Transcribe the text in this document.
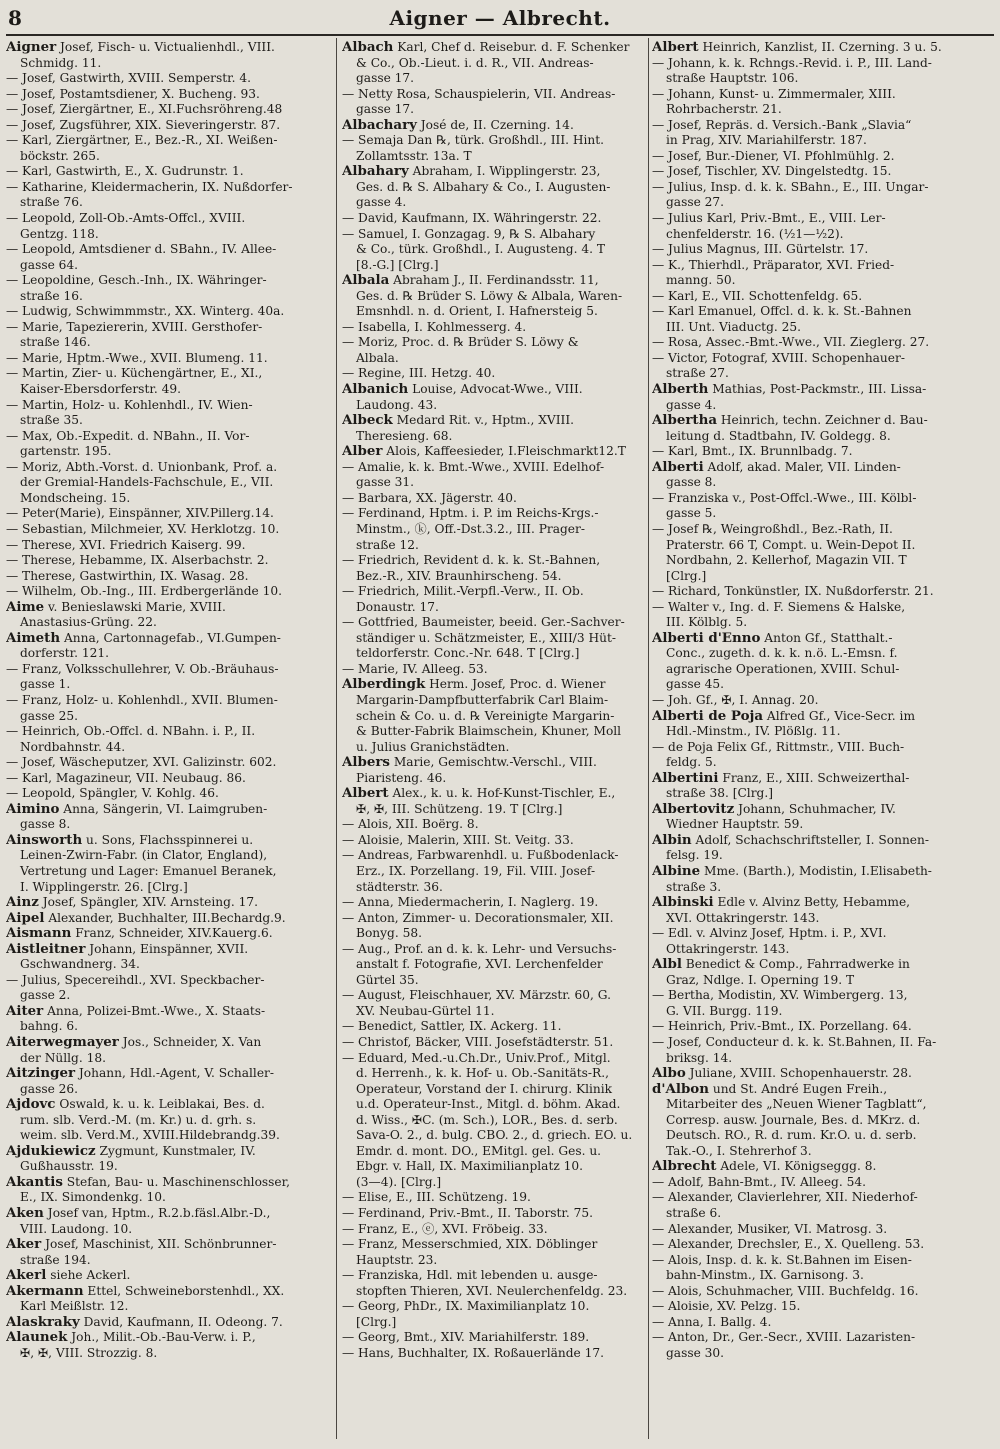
8	Aigner — Albrecht.
Aigner Josef, Fisch- u. Victualienhdl., VIII.
Schmidg. 11.
— Josef, Gastwirth, XVIII. Semperstr. 4.
— Josef, Postamtsdiener, X. Bucheng. 93.
— Josef, Ziergärtner, E., XI.Fuchsröhreng.48
— Josef, Zugsführer, XIX. Sieveringerstr. 87.
— Karl, Ziergärtner, E., Bez.-R., XI. Weißen-
böckstr. 265.
— Karl, Gastwirth, E., X. Gudrunstr. 1.
— Katharine, Kleidermacherin, IX. Nußdorfer-
straße 76.
— Leopold, Zoll-Ob.-Amts-Offcl., XVIII.
Gentzg. 118.
— Leopold, Amtsdiener d. SBahn., IV. Allee-
gasse 64.
— Leopoldine, Gesch.-Inh., IX. Währinger-
straße 16.
— Ludwig, Schwimmmstr., XX. Winterg. 40a.
— Marie, Tapeziererin, XVIII. Gersthofer-
straße 146.
— Marie, Hptm.-Wwe., XVII. Blumeng. 11.
— Martin, Zier- u. Küchengärtner, E., XI.,
Kaiser-Ebersdorferstr. 49.
— Martin, Holz- u. Kohlenhdl., IV. Wien-
straße 35.
— Max, Ob.-Expedit. d. NBahn., II. Vor-
gartenstr. 195.
— Moriz, Abth.-Vorst. d. Unionbank, Prof. a.
der Gremial-Handels-Fachschule, E., VII.
Mondscheing. 15.
— Peter(Marie), Einspänner, XIV.Pillerg.14.
— Sebastian, Milchmeier, XV. Herklotzg. 10.
— Therese, XVI. Friedrich Kaiserg. 99.
— Therese, Hebamme, IX. Alserbachstr. 2.
— Therese, Gastwirthin, IX. Wasag. 28.
— Wilhelm, Ob.-Ing., III. Erdbergerlände 10.
Aime v. Benieslawski Marie, XVIII.
Anastasius-Grüng. 22.
Aimeth Anna, Cartonnagefab., VI.Gumpen-
dorferstr. 121.
— Franz, Volksschullehrer, V. Ob.-Bräuhaus-
gasse 1.
— Franz, Holz- u. Kohlenhdl., XVII. Blumen-
gasse 25.
— Heinrich, Ob.-Offcl. d. NBahn. i. P., II.
Nordbahnstr. 44.
— Josef, Wäscheputzer, XVI. Galizinstr. 602.
— Karl, Magazineur, VII. Neubaug. 86.
— Leopold, Spängler, V. Kohlg. 46.
Aimino Anna, Sängerin, VI. Laimgruben-
gasse 8.
Ainsworth u. Sons, Flachsspinnerei u.
Leinen-Zwirn-Fabr. (in Clator, England),
Vertretung und Lager: Emanuel Beranek,
I. Wipplingerstr. 26. [Clrg.]
Ainz Josef, Spängler, XIV. Arnsteing. 17.
Aipel Alexander, Buchhalter, III.Bechardg.9.
Aismann Franz, Schneider, XIV.Kauerg.6.
Aistleitner Johann, Einspänner, XVII.
Gschwandnerg. 34.
— Julius, Specereihdl., XVI. Speckbacher-
gasse 2.
Aiter Anna, Polizei-Bmt.-Wwe., X. Staats-
bahng. 6.
Aiterwegmayer Jos., Schneider, X. Van
der Nüllg. 18.
Aitzinger Johann, Hdl.-Agent, V. Schaller-
gasse 26.
Ajdovc Oswald, k. u. k. Leiblakai, Bes. d.
rum. slb. Verd.-M. (m. Kr.) u. d. grh. s.
weim. slb. Verd.M., XVIII.Hildebrandg.39.
Ajdukiewicz Zygmunt, Kunstmaler, IV.
Gußhausstr. 19.
Akantis Stefan, Bau- u. Maschinenschlosser,
E., IX. Simondenkg. 10.
Aken Josef van, Hptm., R.2.b.fäsl.Albr.-D.,
VIII. Laudong. 10.
Aker Josef, Maschinist, XII. Schönbrunner-
straße 194.
Akerl siehe Ackerl.
Akermann Ettel, Schweineborstenhdl., XX.
Karl Meißlstr. 12.
Alaskraky David, Kaufmann, II. Odeong. 7.
Alaunek Joh., Milit.-Ob.-Bau-Verw. i. P.,
✠, ✠, VIII. Strozzig. 8.
Albach Karl, Chef d. Reisebur. d. F. Schenker
& Co., Ob.-Lieut. i. d. R., VII. Andreas-
gasse 17.
— Netty Rosa, Schauspielerin, VII. Andreas-
gasse 17.
Albachary José de, II. Czerning. 14.
— Semaja Dan ℞, türk. Großhdl., III. Hint.
Zollamtsstr. 13a. T
Albahary Abraham, I. Wipplingerstr. 23,
Ges. d. ℞ S. Albahary & Co., I. Augusten-
gasse 4.
— David, Kaufmann, IX. Währingerstr. 22.
— Samuel, I. Gonzagag. 9, ℞ S. Albahary
& Co., türk. Großhdl., I. Augusteng. 4. T
[8.-G.] [Clrg.]
Albala Abraham J., II. Ferdinandsstr. 11,
Ges. d. ℞ Brüder S. Löwy & Albala, Waren-
Emsnhdl. n. d. Orient, I. Hafnersteig 5.
— Isabella, I. Kohlmesserg. 4.
— Moriz, Proc. d. ℞ Brüder S. Löwy &
Albala.
— Regine, III. Hetzg. 40.
Albanich Louise, Advocat-Wwe., VIII.
Laudong. 43.
Albeck Medard Rit. v., Hptm., XVIII.
Theresieng. 68.
Alber Alois, Kaffeesieder, I.Fleischmarkt12.T
— Amalie, k. k. Bmt.-Wwe., XVIII. Edelhof-
gasse 31.
— Barbara, XX. Jägerstr. 40.
— Ferdinand, Hptm. i. P. im Reichs-Krgs.-
Minstm., ⓚ, Off.-Dst.3.2., III. Prager-
straße 12.
— Friedrich, Revident d. k. k. St.-Bahnen,
Bez.-R., XIV. Braunhirscheng. 54.
— Friedrich, Milit.-Verpfl.-Verw., II. Ob.
Donaustr. 17.
— Gottfried, Baumeister, beeid. Ger.-Sachver-
ständiger u. Schätzmeister, E., XIII/3 Hüt-
teldorferstr. Conc.-Nr. 648. T [Clrg.]
— Marie, IV. Alleeg. 53.
Alberdingk Herm. Josef, Proc. d. Wiener
Margarin-Dampfbutterfabrik Carl Blaim-
schein & Co. u. d. ℞ Vereinigte Margarin-
& Butter-Fabrik Blaimschein, Khuner, Moll
u. Julius Granichstädten.
Albers Marie, Gemischtw.-Verschl., VIII.
Piaristeng. 46.
Albert Alex., k. u. k. Hof-Kunst-Tischler, E.,
✠, ✠, III. Schützeng. 19. T [Clrg.]
— Alois, XII. Boërg. 8.
— Aloisie, Malerin, XIII. St. Veitg. 33.
— Andreas, Farbwarenhdl. u. Fußbodenlack-
Erz., IX. Porzellang. 19, Fil. VIII. Josef-
städterstr. 36.
— Anna, Miedermacherin, I. Naglerg. 19.
— Anton, Zimmer- u. Decorationsmaler, XII.
Bonyg. 58.
— Aug., Prof. an d. k. k. Lehr- und Versuchs-
anstalt f. Fotografie, XVI. Lerchenfelder
Gürtel 35.
— August, Fleischhauer, XV. Märzstr. 60, G.
XV. Neubau-Gürtel 11.
— Benedict, Sattler, IX. Ackerg. 11.
— Christof, Bäcker, VIII. Josefstädterstr. 51.
— Eduard, Med.-u.Ch.Dr., Univ.Prof., Mitgl.
d. Herrenh., k. k. Hof- u. Ob.-Sanitäts-R.,
Operateur, Vorstand der I. chirurg. Klinik
u.d. Operateur-Inst., Mitgl. d. böhm. Akad.
d. Wiss., ✠C. (m. Sch.), LOR., Bes. d. serb.
Sava-O. 2., d. bulg. CBO. 2., d. griech. EO. u.
Emdr. d. mont. DO., EMitgl. gel. Ges. u.
Ebgr. v. Hall, IX. Maximilianplatz 10.
(3—4). [Clrg.]
— Elise, E., III. Schützeng. 19.
— Ferdinand, Priv.-Bmt., II. Taborstr. 75.
— Franz, E., ⓔ, XVI. Fröbeig. 33.
— Franz, Messerschmied, XIX. Döblinger
Hauptstr. 23.
— Franziska, Hdl. mit lebenden u. ausge-
stopften Thieren, XVI. Neulerchenfeldg. 23.
— Georg, PhDr., IX. Maximilianplatz 10.
[Clrg.]
— Georg, Bmt., XIV. Mariahilferstr. 189.
— Hans, Buchhalter, IX. Roßauerlände 17.
Albert Heinrich, Kanzlist, II. Czerning. 3 u. 5.
— Johann, k. k. Rchngs.-Revid. i. P., III. Land-
straße Hauptstr. 106.
— Johann, Kunst- u. Zimmermaler, XIII.
Rohrbacherstr. 21.
— Josef, Repräs. d. Versich.-Bank „Slavia“
in Prag, XIV. Mariahilferstr. 187.
— Josef, Bur.-Diener, VI. Pfohlmühlg. 2.
— Josef, Tischler, XV. Dingelstedtg. 15.
— Julius, Insp. d. k. k. SBahn., E., III. Ungar-
gasse 27.
— Julius Karl, Priv.-Bmt., E., VIII. Ler-
chenfelderstr. 16. (½1—½2).
— Julius Magnus, III. Gürtelstr. 17.
— K., Thierhdl., Präparator, XVI. Fried-
manng. 50.
— Karl, E., VII. Schottenfeldg. 65.
— Karl Emanuel, Offcl. d. k. k. St.-Bahnen
III. Unt. Viaductg. 25.
— Rosa, Assec.-Bmt.-Wwe., VII. Zieglerg. 27.
— Victor, Fotograf, XVIII. Schopenhauer-
straße 27.
Alberth Mathias, Post-Packmstr., III. Lissa-
gasse 4.
Albertha Heinrich, techn. Zeichner d. Bau-
leitung d. Stadtbahn, IV. Goldegg. 8.
— Karl, Bmt., IX. Brunnlbadg. 7.
Alberti Adolf, akad. Maler, VII. Linden-
gasse 8.
— Franziska v., Post-Offcl.-Wwe., III. Kölbl-
gasse 5.
— Josef ℞, Weingroßhdl., Bez.-Rath, II.
Praterstr. 66 T, Compt. u. Wein-Depot II.
Nordbahn, 2. Kellerhof, Magazin VII. T
[Clrg.]
— Richard, Tonkünstler, IX. Nußdorferstr. 21.
— Walter v., Ing. d. F. Siemens & Halske,
III. Kölblg. 5.
Alberti d'Enno Anton Gf., Statthalt.-
Conc., zugeth. d. k. k. n.ö. L.-Emsn. f.
agrarische Operationen, XVIII. Schul-
gasse 45.
— Joh. Gf., ✠, I. Annag. 20.
Alberti de Poja Alfred Gf., Vice-Secr. im
Hdl.-Minstm., IV. Plößlg. 11.
— de Poja Felix Gf., Rittmstr., VIII. Buch-
feldg. 5.
Albertini Franz, E., XIII. Schweizerthal-
straße 38. [Clrg.]
Albertovitz Johann, Schuhmacher, IV.
Wiedner Hauptstr. 59.
Albin Adolf, Schachschriftsteller, I. Sonnen-
felsg. 19.
Albine Mme. (Barth.), Modistin, I.Elisabeth-
straße 3.
Albinski Edle v. Alvinz Betty, Hebamme,
XVI. Ottakringerstr. 143.
— Edl. v. Alvinz Josef, Hptm. i. P., XVI.
Ottakringerstr. 143.
Albl Benedict & Comp., Fahrradwerke in
Graz, Ndlge. I. Operning 19. T
— Bertha, Modistin, XV. Wimbergerg. 13,
G. VII. Burgg. 119.
— Heinrich, Priv.-Bmt., IX. Porzellang. 64.
— Josef, Conducteur d. k. k. St.Bahnen, II. Fa-
briksg. 14.
Albo Juliane, XVIII. Schopenhauerstr. 28.
d'Albon und St. André Eugen Freih.,
Mitarbeiter des „Neuen Wiener Tagblatt“,
Corresp. ausw. Journale, Bes. d. MKrz. d.
Deutsch. RO., R. d. rum. Kr.O. u. d. serb.
Tak.-O., I. Stehrerhof 3.
Albrecht Adele, VI. Königseggg. 8.
— Adolf, Bahn-Bmt., IV. Alleeg. 54.
— Alexander, Clavierlehrer, XII. Niederhof-
straße 6.
— Alexander, Musiker, VI. Matrosg. 3.
— Alexander, Drechsler, E., X. Quelleng. 53.
— Alois, Insp. d. k. k. St.Bahnen im Eisen-
bahn-Minstm., IX. Garnisong. 3.
— Alois, Schuhmacher, VIII. Buchfeldg. 16.
— Aloisie, XV. Pelzg. 15.
— Anna, I. Ballg. 4.
— Anton, Dr., Ger.-Secr., XVIII. Lazaristen-
gasse 30.
